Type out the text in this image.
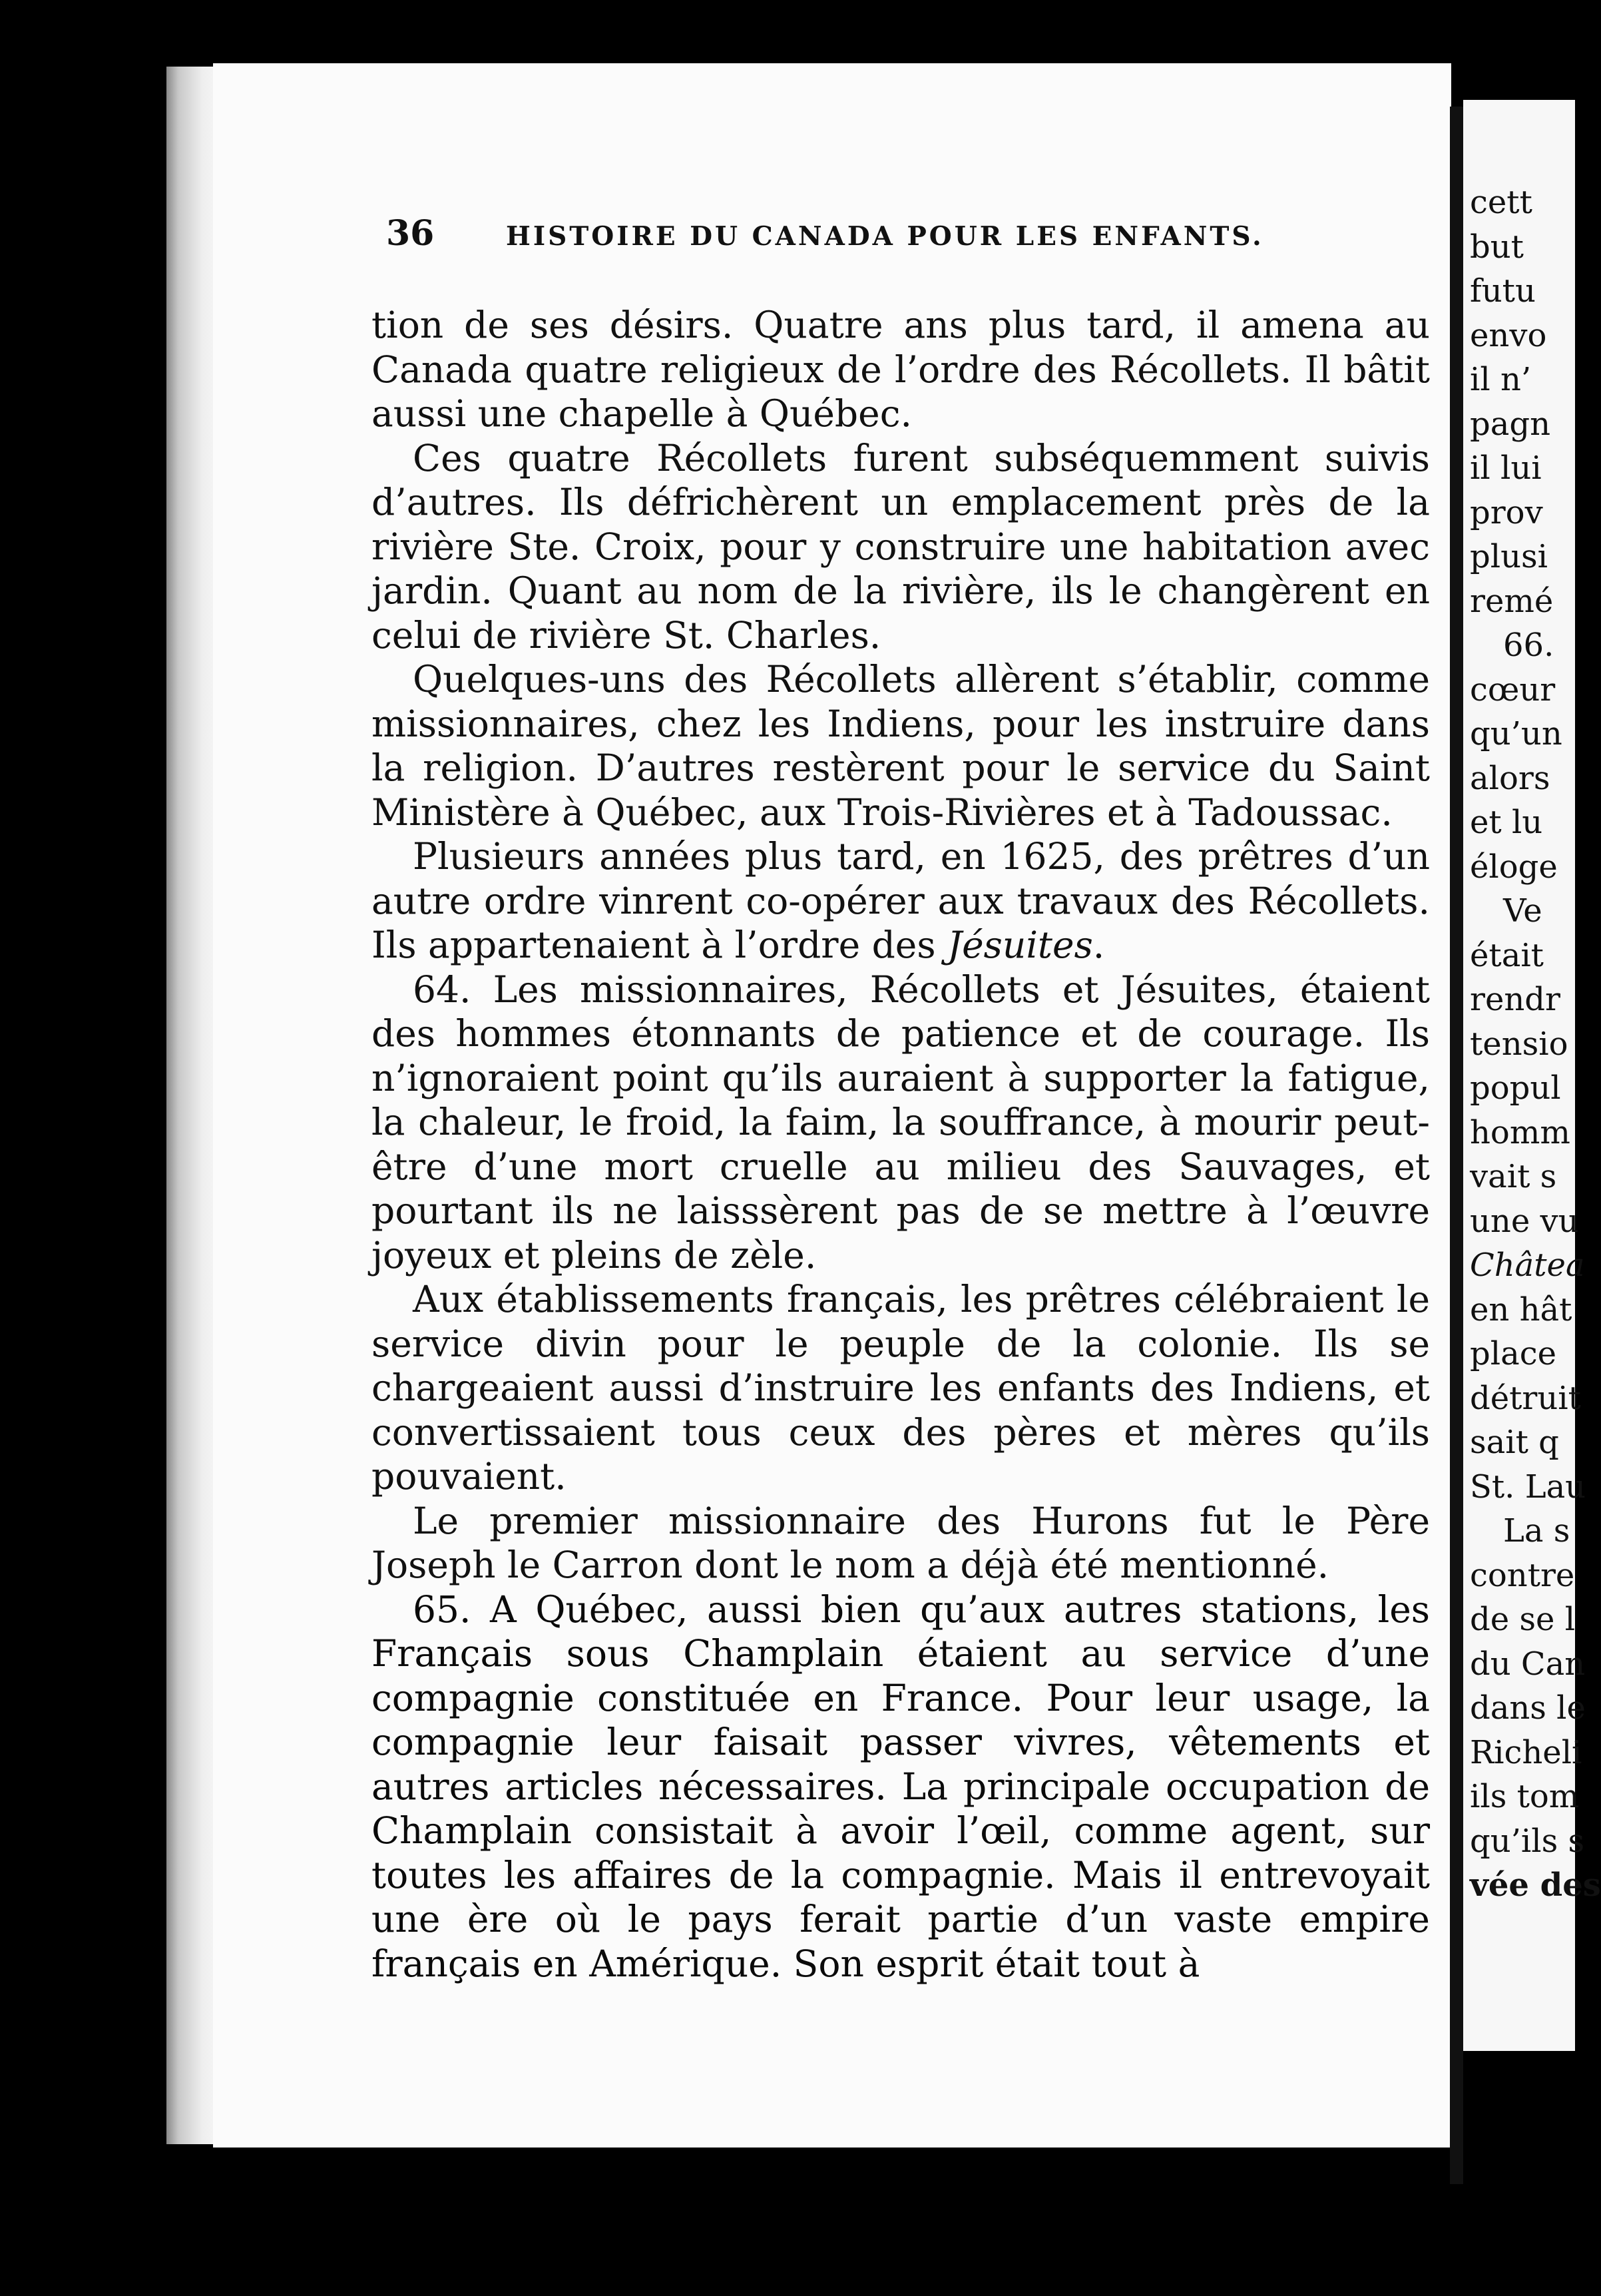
36	HISTOIRE DU CANADA POUR LES ENFANTS.

tion de ses désirs. Quatre ans plus tard, il amena au Canada quatre religieux de l’ordre des Récollets. Il bâtit aussi une chapelle à Québec.

Ces quatre Récollets furent subséquemment suivis d’autres. Ils défrichèrent un emplacement près de la rivière Ste. Croix, pour y construire une habitation avec jardin. Quant au nom de la rivière, ils le changèrent en celui de rivière St. Charles.

Quelques-uns des Récollets allèrent s’établir, comme missionnaires, chez les Indiens, pour les instruire dans la religion. D’autres restèrent pour le service du Saint Ministère à Québec, aux Trois-Rivières et à Tadoussac.

Plusieurs années plus tard, en 1625, des prêtres d’un autre ordre vinrent co-opérer aux travaux des Récollets. Ils appartenaient à l’ordre des Jésuites.

64. Les missionnaires, Récollets et Jésuites, étaient des hommes étonnants de patience et de courage. Ils n’ignoraient point qu’ils auraient à supporter la fatigue, la chaleur, le froid, la faim, la souffrance, à mourir peut-être d’une mort cruelle au milieu des Sauvages, et pourtant ils ne laisssèrent pas de se mettre à l’œuvre joyeux et pleins de zèle.

Aux établissements français, les prêtres célébraient le service divin pour le peuple de la colonie. Ils se chargeaient aussi d’instruire les enfants des Indiens, et convertissaient tous ceux des pères et mères qu’ils pouvaient.

Le premier missionnaire des Hurons fut le Père Joseph le Carron dont le nom a déjà été mentionné.

65. A Québec, aussi bien qu’aux autres stations, les Français sous Champlain étaient au service d’une compagnie constituée en France. Pour leur usage, la compagnie leur faisait passer vivres, vêtements et autres articles nécessaires. La principale occupation de Champlain consistait à avoir l’œil, comme agent, sur toutes les affaires de la compagnie. Mais il entrevoyait une ère où le pays ferait partie d’un vaste empire français en Amérique. Son esprit était tout à

cett
but
futu
envo
il n’
pagn
il lui
prov
plusi
remé
66.
cœur
qu’un
alors
et lu
éloge
Ve
était
rendr
tensio
popul
homm
vait s
une vu
Châtea
en hât
place
détruit
sait q
St. Lau
La s
contre
de se l
du Can
dans le
Richeli
ils tom
qu’ils s
vée des
